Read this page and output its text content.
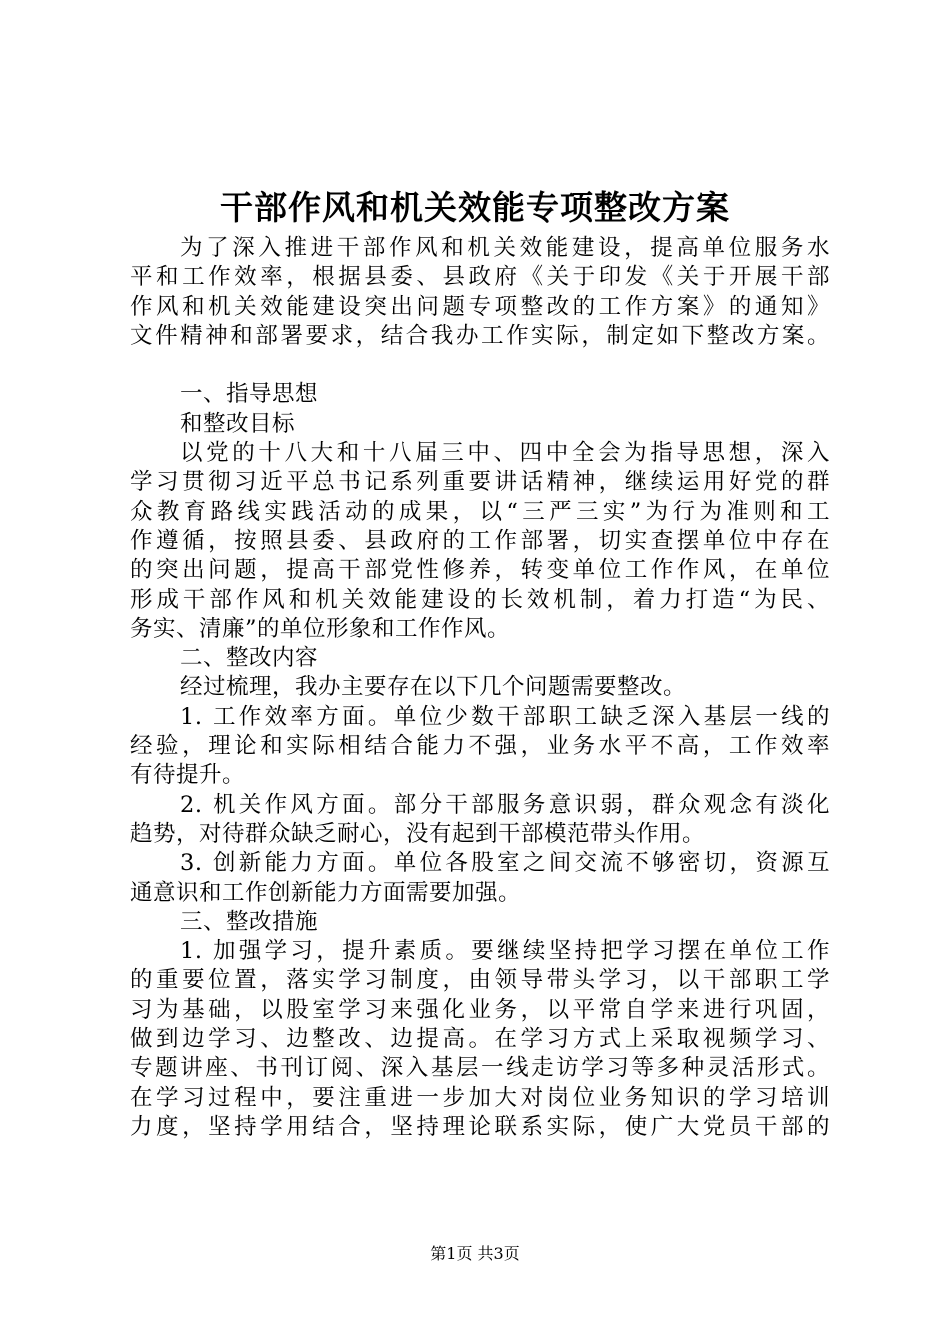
干部作风和机关效能专项整改方案
为了深入推进干部作风和机关效能建设，提高单位服务水
平和工作效率，根据县委、县政府《关于印发《关于开展干部
作风和机关效能建设突出问题专项整改的工作方案》的通知》
文件精神和部署要求，结合我办工作实际，制定如下整改方案。
一、指导思想
和整改目标
以党的十八大和十八届三中、四中全会为指导思想，深入
学习贯彻习近平总书记系列重要讲话精神，继续运用好党的群
众教育路线实践活动的成果，以“三严三实”为行为准则和工
作遵循，按照县委、县政府的工作部署，切实查摆单位中存在
的突出问题，提高干部党性修养，转变单位工作作风，在单位
形成干部作风和机关效能建设的长效机制，着力打造“为民、
务实、清廉”的单位形象和工作作风。
二、整改内容
经过梳理，我办主要存在以下几个问题需要整改。
1. 工作效率方面。单位少数干部职工缺乏深入基层一线的
经验，理论和实际相结合能力不强，业务水平不高，工作效率
有待提升。
2. 机关作风方面。部分干部服务意识弱，群众观念有淡化
趋势，对待群众缺乏耐心，没有起到干部模范带头作用。
3. 创新能力方面。单位各股室之间交流不够密切，资源互
通意识和工作创新能力方面需要加强。
三、整改措施
1. 加强学习，提升素质。要继续坚持把学习摆在单位工作
的重要位置，落实学习制度，由领导带头学习，以干部职工学
习为基础，以股室学习来强化业务，以平常自学来进行巩固，
做到边学习、边整改、边提高。在学习方式上采取视频学习、
专题讲座、书刊订阅、深入基层一线走访学习等多种灵活形式。
在学习过程中，要注重进一步加大对岗位业务知识的学习培训
力度，坚持学用结合，坚持理论联系实际，使广大党员干部的
第1页 共3页
